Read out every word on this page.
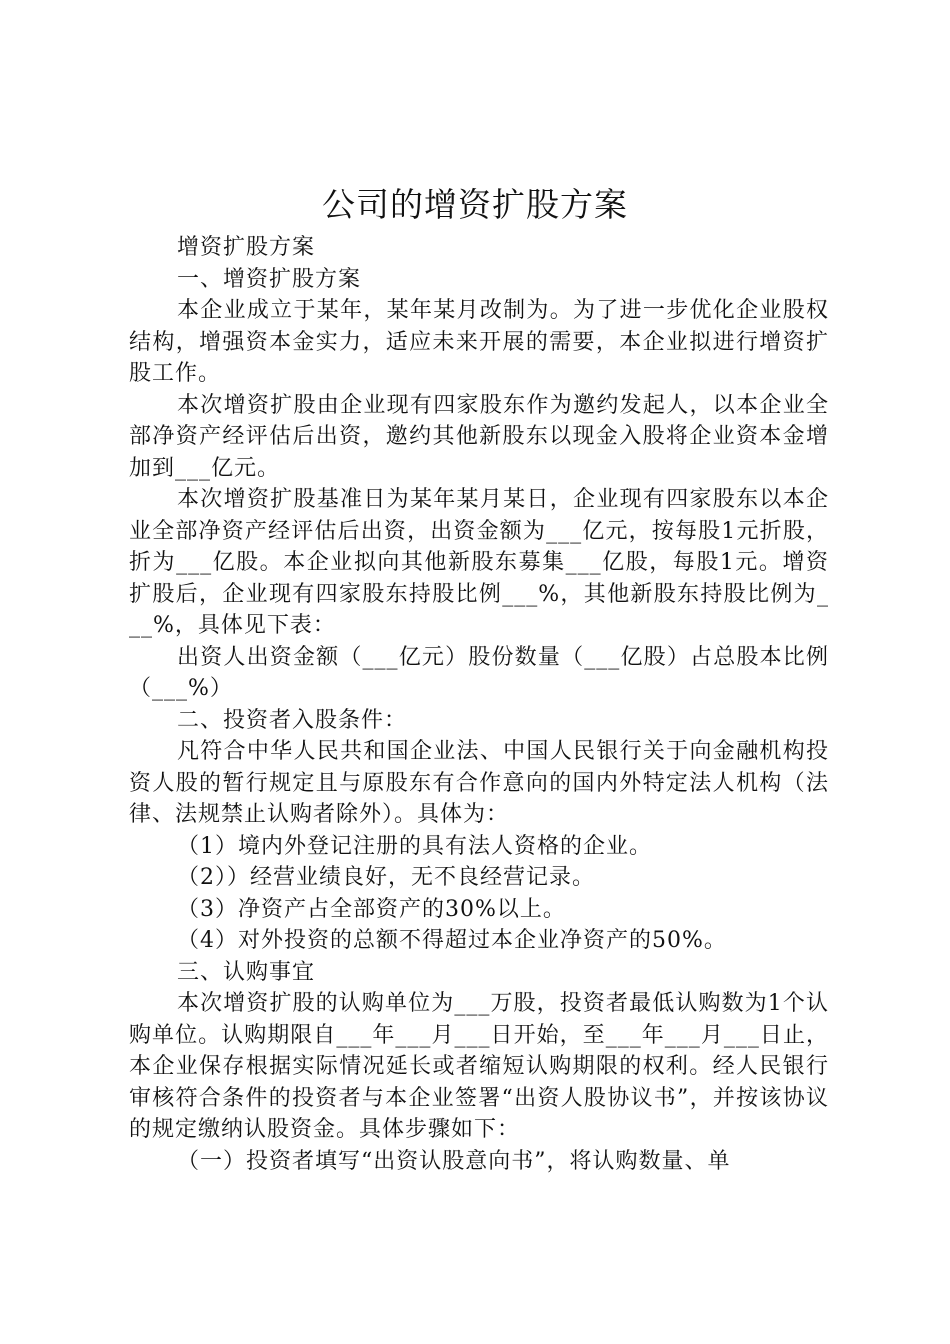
公司的增资扩股方案

增资扩股方案

一、增资扩股方案

本企业成立于某年，某年某月改制为。为了进一步优化企业股权结构，增强资本金实力，适应未来开展的需要，本企业拟进行增资扩股工作。

本次增资扩股由企业现有四家股东作为邀约发起人，以本企业全部净资产经评估后出资，邀约其他新股东以现金入股将企业资本金增加到___亿元。

本次增资扩股基准日为某年某月某日，企业现有四家股东以本企业全部净资产经评估后出资，出资金额为___亿元，按每股1元折股，折为___亿股。本企业拟向其他新股东募集___亿股，每股1元。增资扩股后，企业现有四家股东持股比例___%，其他新股东持股比例为___%，具体见下表：

出资人出资金额（___亿元）股份数量（___亿股）占总股本比例（___%）

二、投资者入股条件：

凡符合中华人民共和国企业法、中国人民银行关于向金融机构投资人股的暂行规定且与原股东有合作意向的国内外特定法人机构（法律、法规禁止认购者除外）。具体为：

（1）境内外登记注册的具有法人资格的企业。

（2））经营业绩良好，无不良经营记录。

（3）净资产占全部资产的30%以上。

（4）对外投资的总额不得超过本企业净资产的50%。

三、认购事宜

本次增资扩股的认购单位为___万股，投资者最低认购数为1个认购单位。认购期限自___年___月___日开始，至___年___月___日止，本企业保存根据实际情况延长或者缩短认购期限的权利。经人民银行审核符合条件的投资者与本企业签署“出资人股协议书”，并按该协议的规定缴纳认股资金。具体步骤如下：

（一）投资者填写“出资认股意向书”，将认购数量、单
